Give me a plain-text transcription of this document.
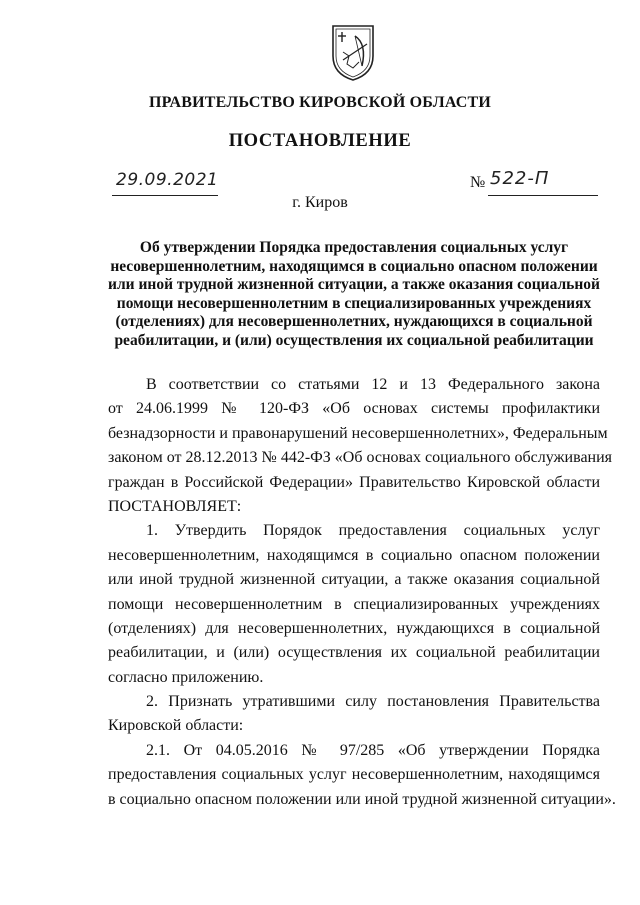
ПРАВИТЕЛЬСТВО КИРОВСКОЙ ОБЛАСТИ
ПОСТАНОВЛЕНИЕ
29.09.2021	№ 522-П
г. Киров
Об утверждении Порядка предоставления социальных услуг
несовершеннолетним, находящимся в социально опасном положении
или иной трудной жизненной ситуации, а также оказания социальной
помощи несовершеннолетним в специализированных учреждениях
(отделениях) для несовершеннолетних, нуждающихся в социальной
реабилитации, и (или) осуществления их социальной реабилитации
В соответствии со статьями 12 и 13 Федерального закона
от 24.06.1999 № 120-ФЗ «Об основах системы профилактики
безнадзорности и правонарушений несовершеннолетних», Федеральным
законом от 28.12.2013 № 442-ФЗ «Об основах социального обслуживания
граждан в Российской Федерации» Правительство Кировской области
ПОСТАНОВЛЯЕТ:
1. Утвердить Порядок предоставления социальных услуг
несовершеннолетним, находящимся в социально опасном положении
или иной трудной жизненной ситуации, а также оказания социальной
помощи несовершеннолетним в специализированных учреждениях
(отделениях) для несовершеннолетних, нуждающихся в социальной
реабилитации, и (или) осуществления их социальной реабилитации
согласно приложению.
2. Признать утратившими силу постановления Правительства
Кировской области:
2.1. От 04.05.2016 № 97/285 «Об утверждении Порядка
предоставления социальных услуг несовершеннолетним, находящимся
в социально опасном положении или иной трудной жизненной ситуации».
